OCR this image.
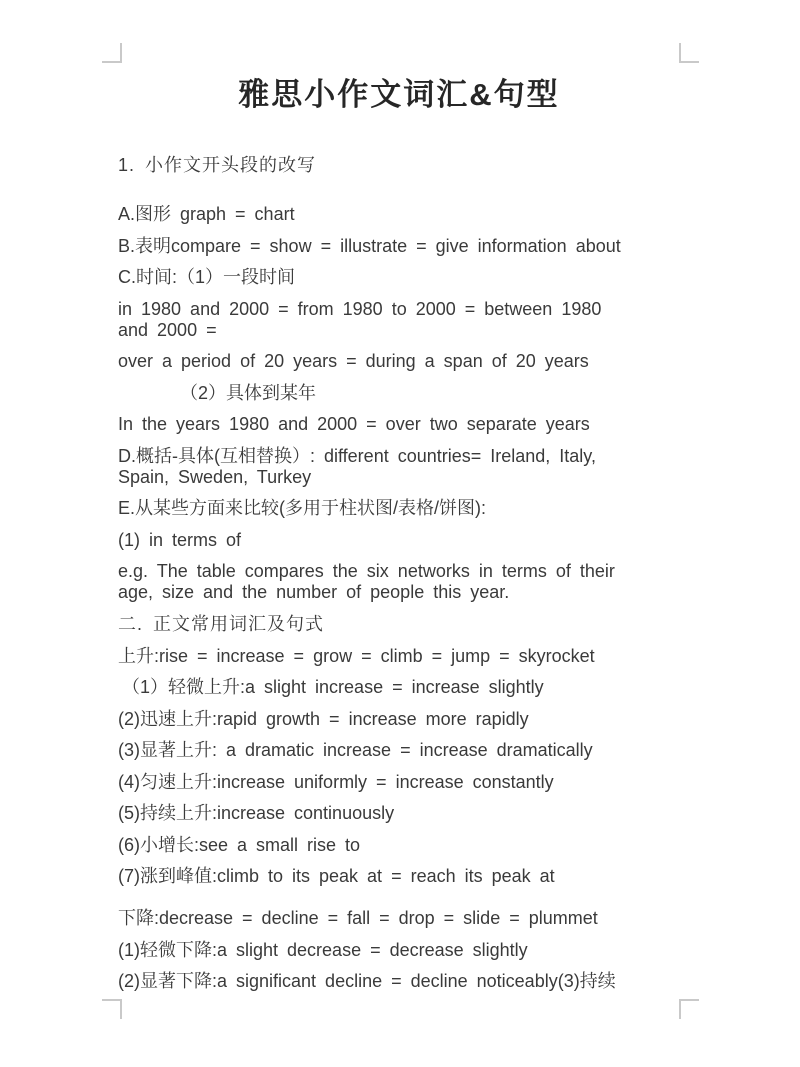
雅思小作文词汇&句型

1. 小作文开头段的改写

A.图形 graph = chart

B.表明compare = show = illustrate = give information about

C.时间:（1）一段时间

in 1980 and 2000 = from 1980 to 2000 = between 1980

and 2000 =

over a period of 20 years = during a span of 20 years

（2）具体到某年

In the years 1980 and 2000 = over two separate years

D.概括-具体(互相替换）: different countries= Ireland, Italy,

Spain, Sweden, Turkey

E.从某些方面来比较(多用于柱状图/表格/饼图):

(1) in terms of

e.g. The table compares the six networks in terms of their

age, size and the number of people this year.

二. 正文常用词汇及句式

上升:rise = increase = grow = climb = jump = skyrocket

（1）轻微上升:a slight increase = increase slightly

(2)迅速上升:rapid growth = increase more rapidly

(3)显著上升: a dramatic increase = increase dramatically

(4)匀速上升:increase uniformly = increase constantly

(5)持续上升:increase continuously

(6)小增长:see a small rise to

(7)涨到峰值:climb to its peak at = reach its peak at

下降:decrease = decline = fall = drop = slide = plummet

(1)轻微下降:a slight decrease = decrease slightly

(2)显著下降:a significant decline = decline noticeably(3)持续
